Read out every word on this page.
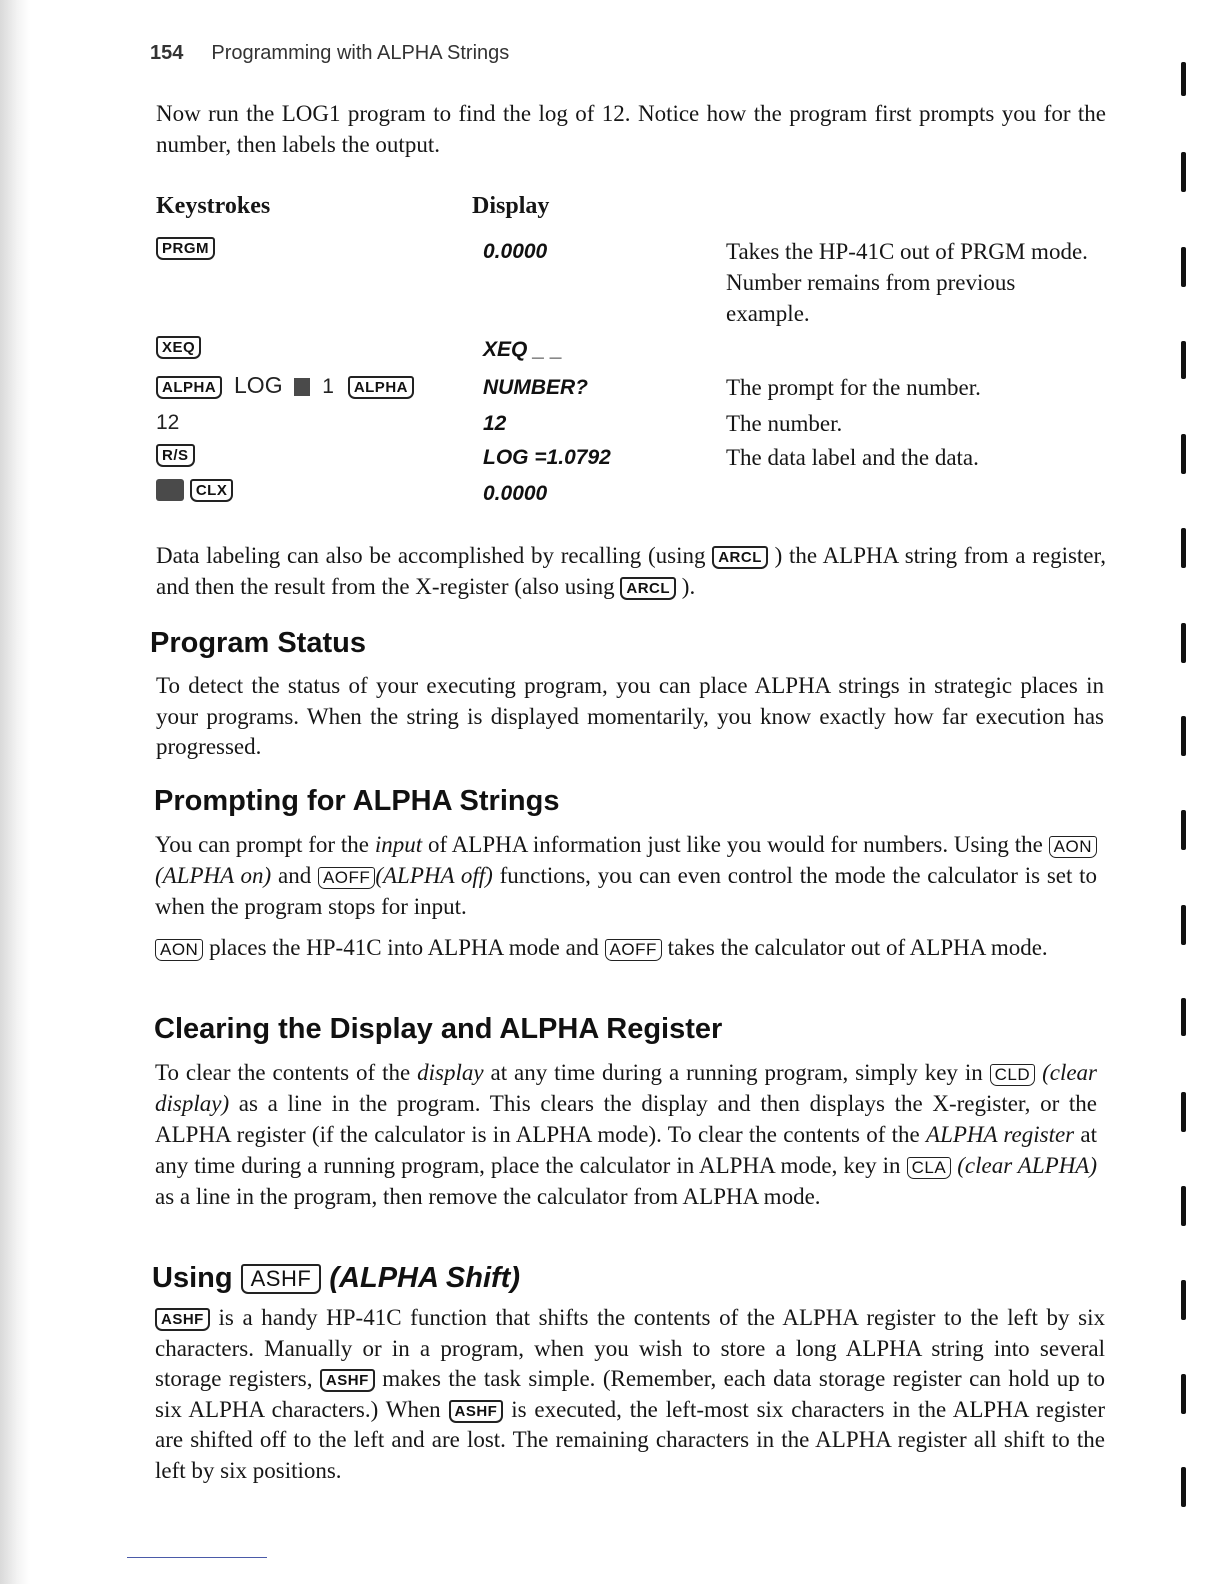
154 Programming with ALPHA Strings

Now run the LOG1 program to find the log of 12. Notice how the program first prompts you for the number, then labels the output.

Keystrokes	Display
PRGM	0.0000	Takes the HP-41C out of PRGM mode. Number remains from previous example.
XEQ	XEQ _ _
ALPHA LOG 1 ALPHA	NUMBER?	The prompt for the number.
12	12	The number.
R/S	LOG =1.0792	The data label and the data.
CLX	0.0000

Data labeling can also be accomplished by recalling (using ARCL ) the ALPHA string from a register, and then the result from the X-register (also using ARCL ).

Program Status

To detect the status of your executing program, you can place ALPHA strings in strategic places in your programs. When the string is displayed momentarily, you know exactly how far execution has progressed.

Prompting for ALPHA Strings

You can prompt for the input of ALPHA information just like you would for numbers. Using the AON(ALPHA on) and AOFF (ALPHA off) functions, you can even control the mode the calculator is set to when the program stops for input.

AON places the HP-41C into ALPHA mode and AOFF takes the calculator out of ALPHA mode.

Clearing the Display and ALPHA Register

To clear the contents of the display at any time during a running program, simply key in CLD (clear display) as a line in the program. This clears the display and then displays the X-register, or the ALPHA register (if the calculator is in ALPHA mode). To clear the contents of the ALPHA register at any time during a running program, place the calculator in ALPHA mode, key in CLA (clear ALPHA) as a line in the program, then remove the calculator from ALPHA mode.

Using ASHF (ALPHA Shift)

ASHF is a handy HP-41C function that shifts the contents of the ALPHA register to the left by six characters. Manually or in a program, when you wish to store a long ALPHA string into several storage registers, ASHF makes the task simple. (Remember, each data storage register can hold up to six ALPHA characters.) When ASHF is executed, the left-most six characters in the ALPHA register are shifted off to the left and are lost. The remaining characters in the ALPHA register all shift to the left by six positions.
